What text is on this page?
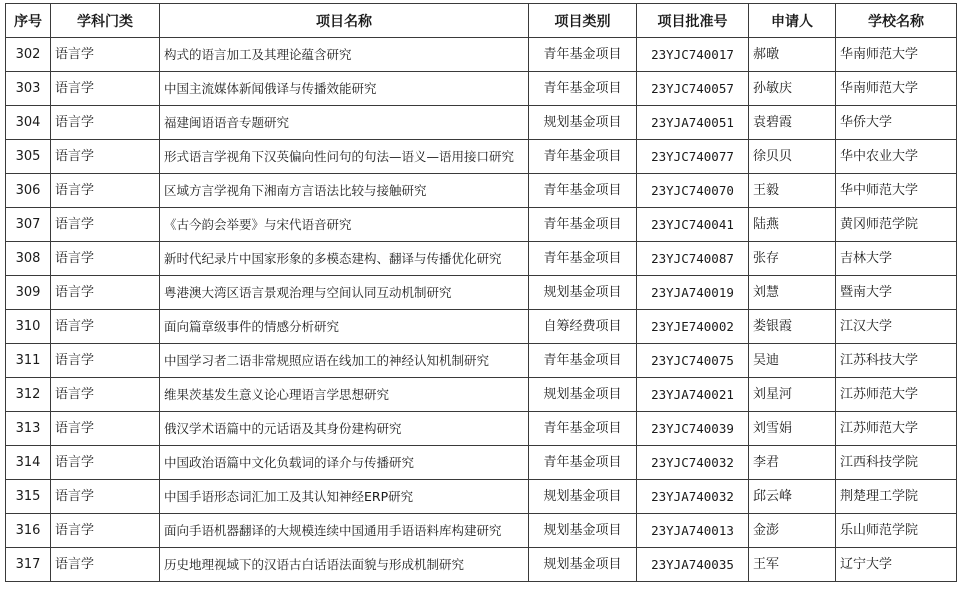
序号	学科门类	项目名称	项目类别	项目批准号	申请人	学校名称
302	语言学	构式的语言加工及其理论蕴含研究	青年基金项目	23YJC740017	郝暾	华南师范大学
303	语言学	中国主流媒体新闻俄译与传播效能研究	青年基金项目	23YJC740057	孙敏庆	华南师范大学
304	语言学	福建闽语语音专题研究	规划基金项目	23YJA740051	袁碧霞	华侨大学
305	语言学	形式语言学视角下汉英偏向性问句的句法—语义—语用接口研究	青年基金项目	23YJC740077	徐贝贝	华中农业大学
306	语言学	区域方言学视角下湘南方言语法比较与接触研究	青年基金项目	23YJC740070	王毅	华中师范大学
307	语言学	《古今韵会举要》与宋代语音研究	青年基金项目	23YJC740041	陆燕	黄冈师范学院
308	语言学	新时代纪录片中国家形象的多模态建构、翻译与传播优化研究	青年基金项目	23YJC740087	张存	吉林大学
309	语言学	粤港澳大湾区语言景观治理与空间认同互动机制研究	规划基金项目	23YJA740019	刘慧	暨南大学
310	语言学	面向篇章级事件的情感分析研究	自筹经费项目	23YJE740002	娄银霞	江汉大学
311	语言学	中国学习者二语非常规照应语在线加工的神经认知机制研究	青年基金项目	23YJC740075	吴迪	江苏科技大学
312	语言学	维果茨基发生意义论心理语言学思想研究	规划基金项目	23YJA740021	刘星河	江苏师范大学
313	语言学	俄汉学术语篇中的元话语及其身份建构研究	青年基金项目	23YJC740039	刘雪娟	江苏师范大学
314	语言学	中国政治语篇中文化负载词的译介与传播研究	青年基金项目	23YJC740032	李君	江西科技学院
315	语言学	中国手语形态词汇加工及其认知神经ERP研究	规划基金项目	23YJA740032	邱云峰	荆楚理工学院
316	语言学	面向手语机器翻译的大规模连续中国通用手语语料库构建研究	规划基金项目	23YJA740013	金澎	乐山师范学院
317	语言学	历史地理视域下的汉语古白话语法面貌与形成机制研究	规划基金项目	23YJA740035	王军	辽宁大学
